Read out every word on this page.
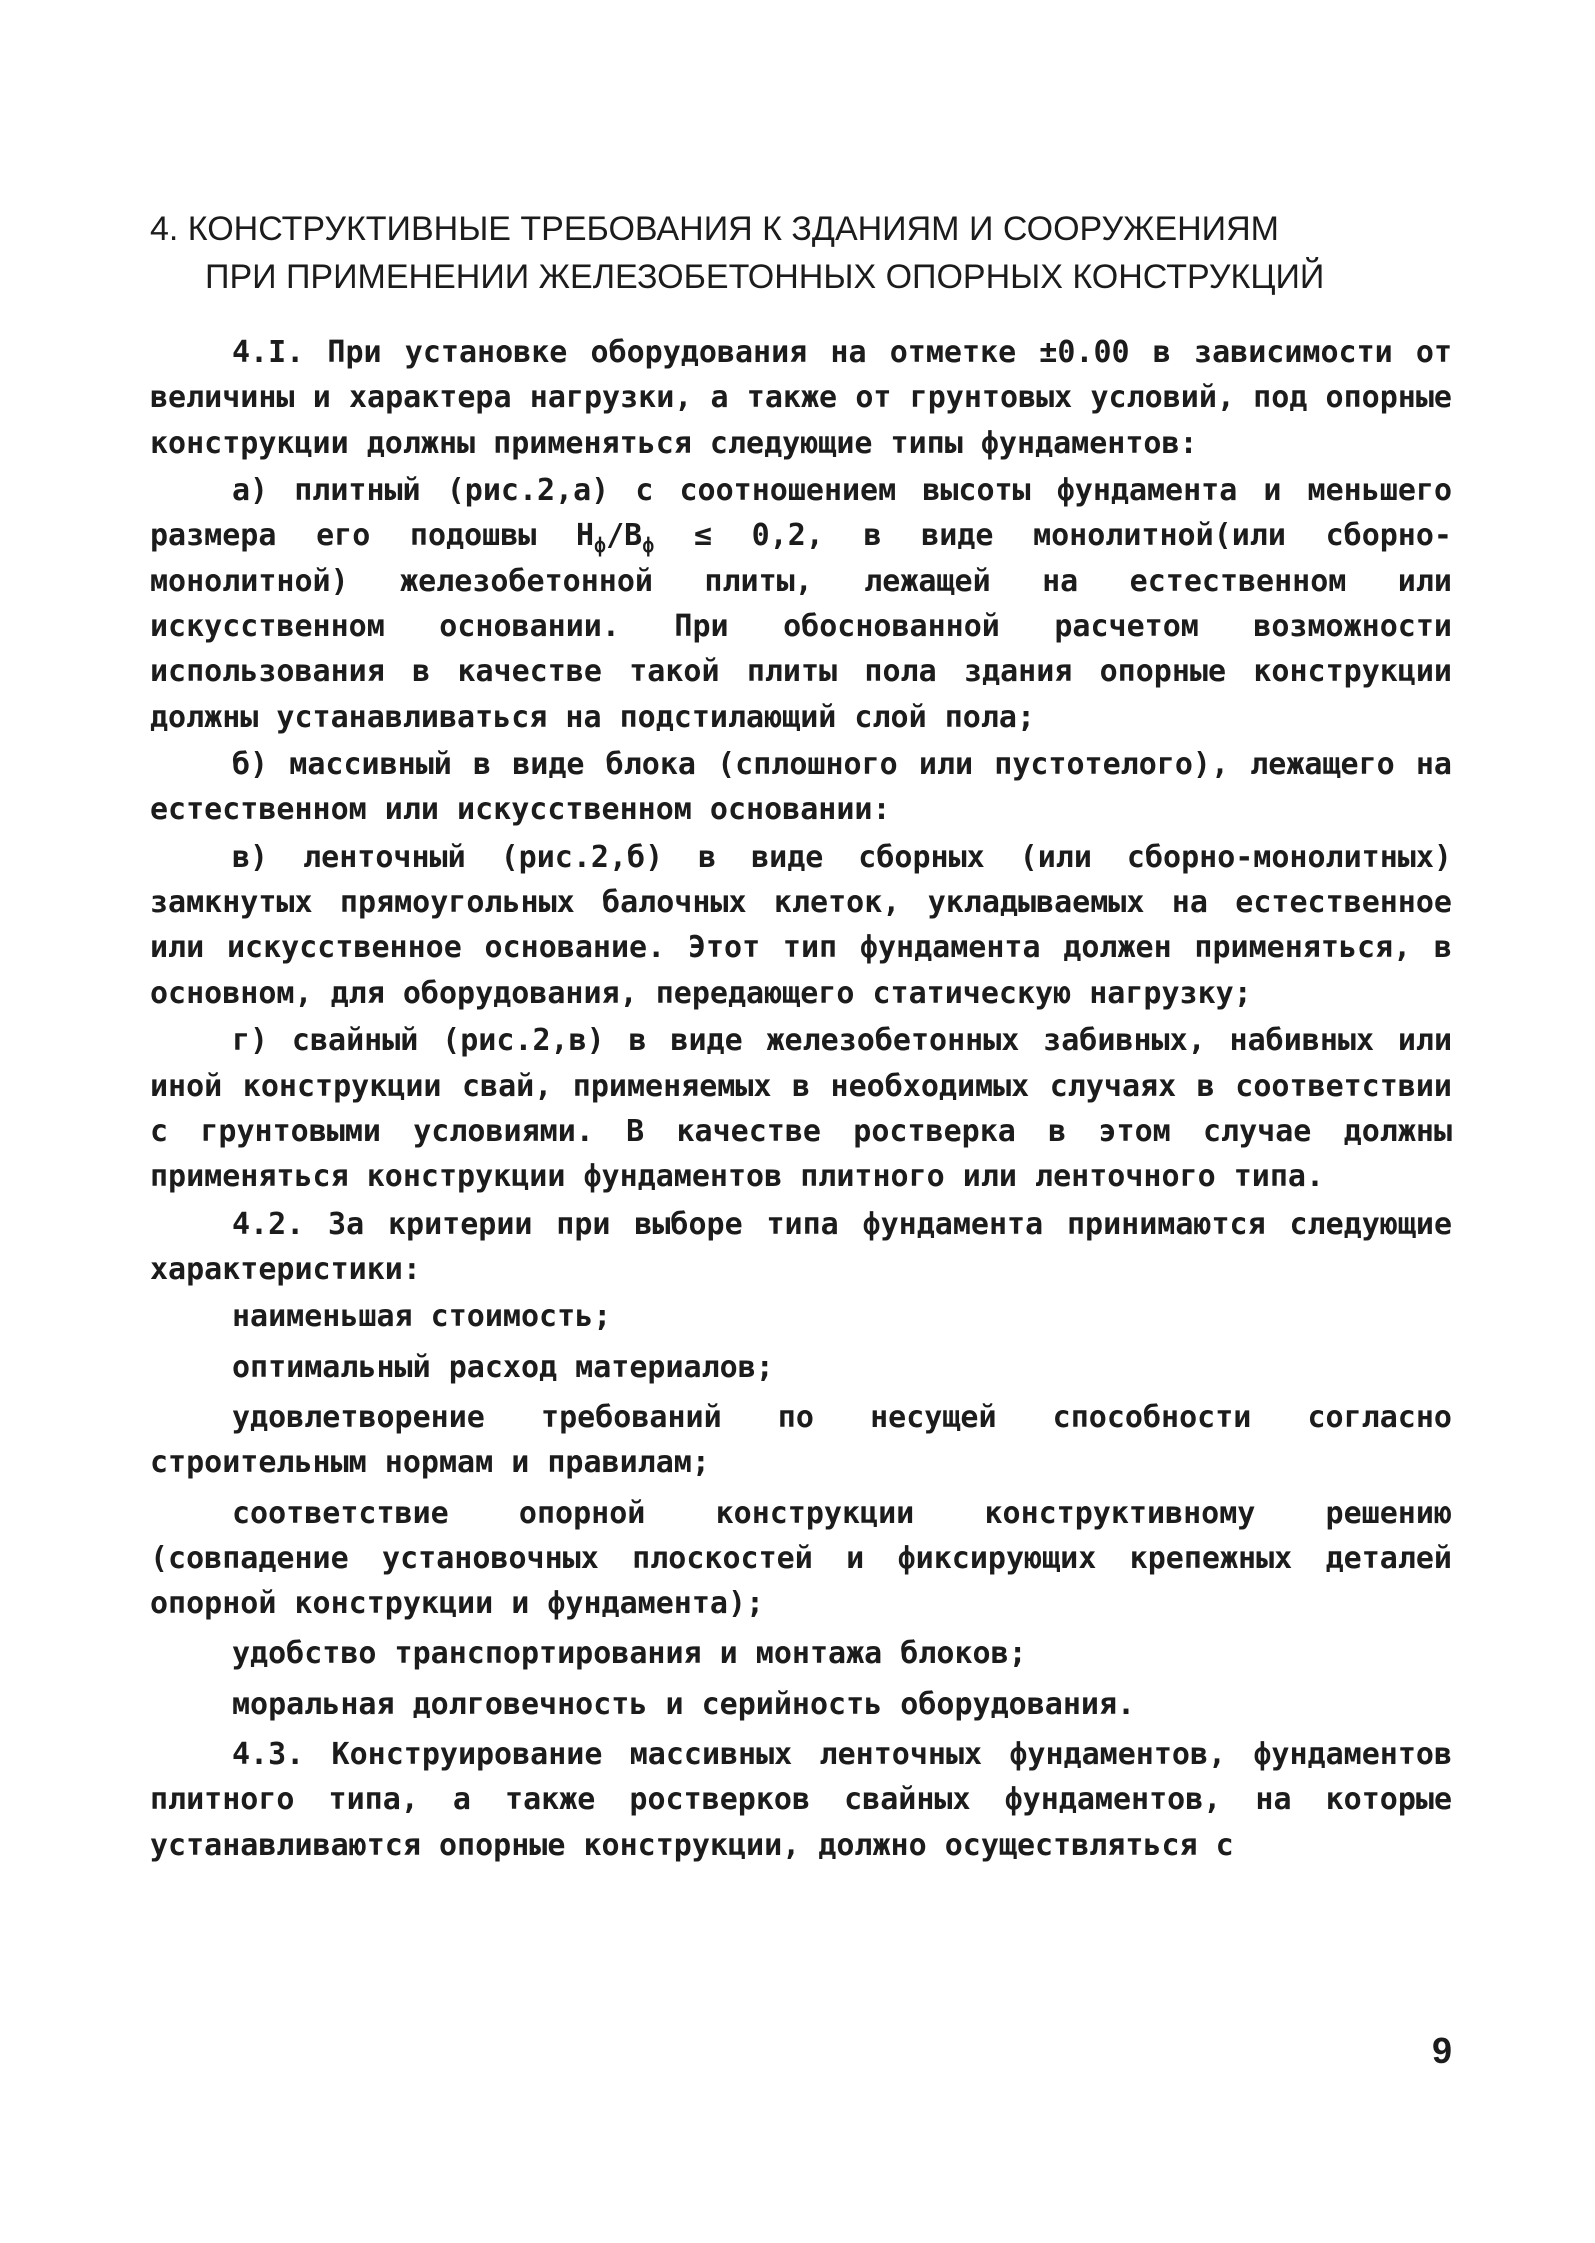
4. КОНСТРУКТИВНЫЕ ТРЕБОВАНИЯ К ЗДАНИЯМ И СООРУЖЕНИЯМ
ПРИ ПРИМЕНЕНИИ ЖЕЛЕЗОБЕТОННЫХ ОПОРНЫХ КОНСТРУКЦИЙ

4.I. При установке оборудования на отметке ±0.00 в зависимости от величины и характера нагрузки, а также от грунтовых условий, под опорные конструкции должны применяться следующие типы фундаментов:

а) плитный (рис.2,а) с соотношением высоты фундамента и меньшего размера его подошвы $Н_ф/В_ф \le 0,2$, в виде монолитной(или сборно-монолитной) железобетонной плиты, лежащей на естественном или искусственном основании. При обоснованной расчетом возможности использования в качестве такой плиты пола здания опорные конструкции должны устанавливаться на подстилающий слой пола;

б) массивный в виде блока (сплошного или пустотелого), лежащего на естественном или искусственном основании:

в) ленточный (рис.2,б) в виде сборных (или сборно-монолитных) замкнутых прямоугольных балочных клеток, укладываемых на естественное или искусственное основание. Этот тип фундамента должен применяться, в основном, для оборудования, передающего статическую нагрузку;

г) свайный (рис.2,в) в виде железобетонных забивных, набивных или иной конструкции свай, применяемых в необходимых случаях в соответствии с грунтовыми условиями. В качестве ростверка в этом случае должны применяться конструкции фундаментов плитного или ленточного типа.

4.2. За критерии при выборе типа фундамента принимаются следующие характеристики:

наименьшая стоимость;

оптимальный расход материалов;

удовлетворение требований по несущей способности согласно строительным нормам и правилам;

соответствие опорной конструкции конструктивному решению (совпадение установочных плоскостей и фиксирующих крепежных деталей опорной конструкции и фундамента);

удобство транспортирования и монтажа блоков;

моральная долговечность и серийность оборудования.

4.3. Конструирование массивных ленточных фундаментов, фундаментов плитного типа, а также ростверков свайных фундаментов, на которые устанавливаются опорные конструкции, должно осуществляться с

9
